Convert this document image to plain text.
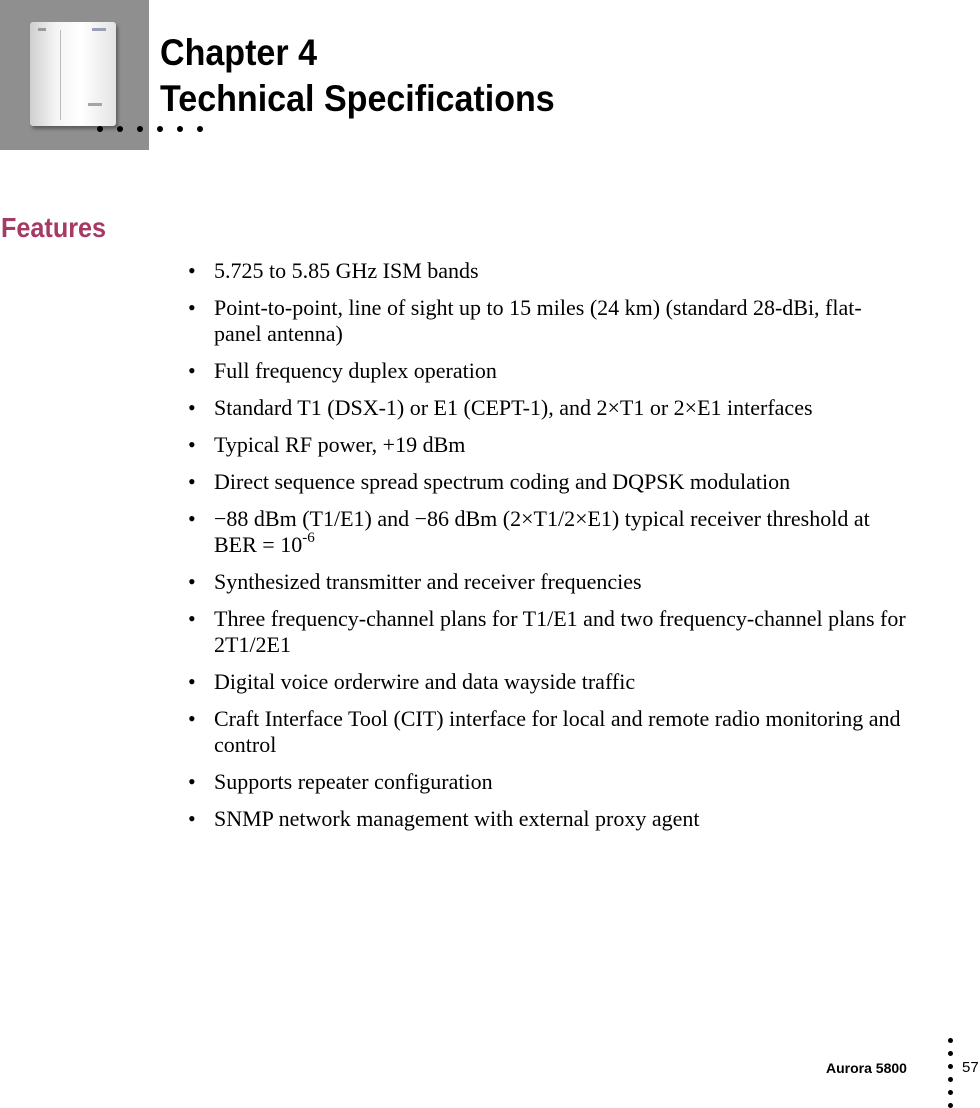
Chapter 4
Technical Specifications
Features
• 5.725 to 5.85 GHz ISM bands
• Point-to-point, line of sight up to 15 miles (24 km) (standard 28-dBi, flat-panel antenna)
• Full frequency duplex operation
• Standard T1 (DSX-1) or E1 (CEPT-1), and 2×T1 or 2×E1 interfaces
• Typical RF power, +19 dBm
• Direct sequence spread spectrum coding and DQPSK modulation
• −88 dBm (T1/E1) and −86 dBm (2×T1/2×E1) typical receiver threshold at BER = $10^{-6}$
• Synthesized transmitter and receiver frequencies
• Three frequency-channel plans for T1/E1 and two frequency-channel plans for 2T1/2E1
• Digital voice orderwire and data wayside traffic
• Craft Interface Tool (CIT) interface for local and remote radio monitoring and control
• Supports repeater configuration
• SNMP network management with external proxy agent
Aurora 5800	57
